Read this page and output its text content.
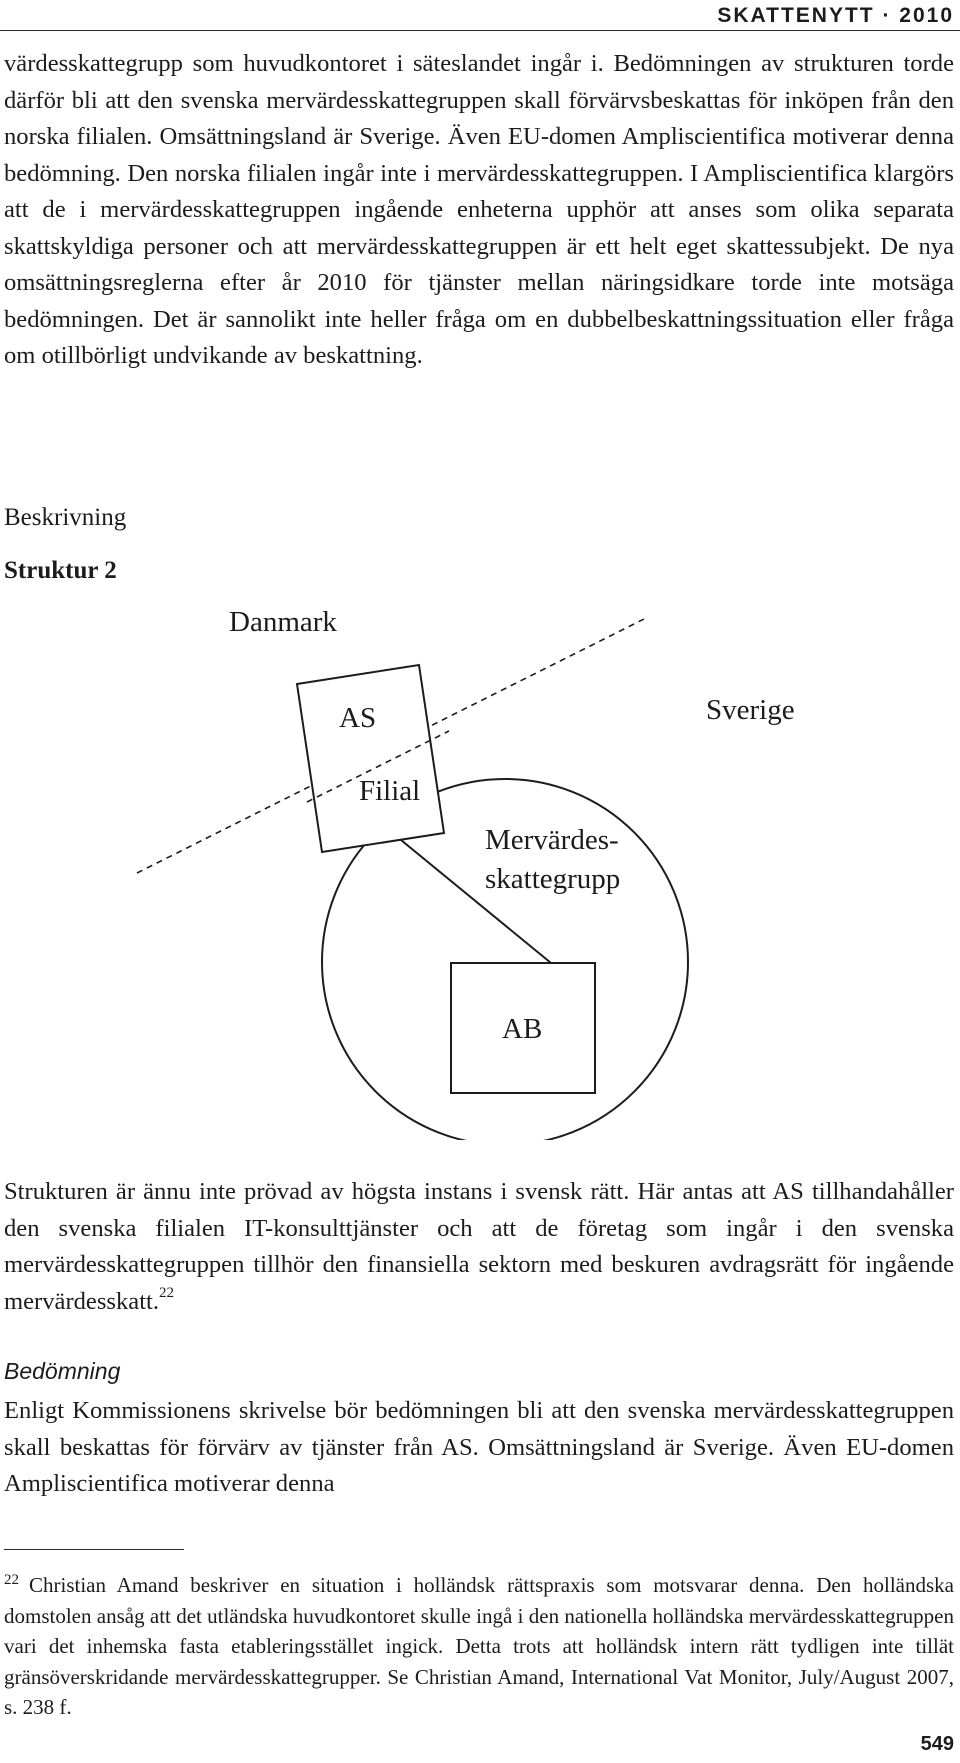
SKATTENYTT · 2010

värdesskattegrupp som huvudkontoret i säteslandet ingår i. Bedömningen av strukturen torde därför bli att den svenska mervärdesskattegruppen skall förvärvsbeskattas för inköpen från den norska filialen. Omsättningsland är Sverige. Även EU-domen Ampliscientifica motiverar denna bedömning. Den norska filialen ingår inte i mervärdesskattegruppen. I Ampliscientifica klargörs att de i mervärdesskattegruppen ingående enheterna upphör att anses som olika separata skattskyldiga personer och att mervärdesskattegruppen är ett helt eget skattessubjekt. De nya omsättningsreglerna efter år 2010 för tjänster mellan näringsidkare torde inte motsäga bedömningen. Det är sannolikt inte heller fråga om en dubbelbeskattningssituation eller fråga om otillbörligt undvikande av beskattning.

Beskrivning

Struktur 2

Danmark
Sverige
AS
Filial
Mervärdes-
skattegrupp
AB

Strukturen är ännu inte prövad av högsta instans i svensk rätt. Här antas att AS tillhandahåller den svenska filialen IT-konsulttjänster och att de företag som ingår i den svenska mervärdesskattegruppen tillhör den finansiella sektorn med beskuren avdragsrätt för ingående mervärdesskatt.$^{22}$

Bedömning

Enligt Kommissionens skrivelse bör bedömningen bli att den svenska mervärdesskattegruppen skall beskattas för förvärv av tjänster från AS. Omsättningsland är Sverige. Även EU-domen Ampliscientifica motiverar denna

$^{22}$ Christian Amand beskriver en situation i holländsk rättspraxis som motsvarar denna. Den holländska domstolen ansåg att det utländska huvudkontoret skulle ingå i den nationella holländska mervärdesskattegruppen vari det inhemska fasta etableringsstället ingick. Detta trots att holländsk intern rätt tydligen inte tillät gränsöverskridande mervärdesskattegrupper. Se Christian Amand, International Vat Monitor, July/August 2007, s. 238 f.

549
